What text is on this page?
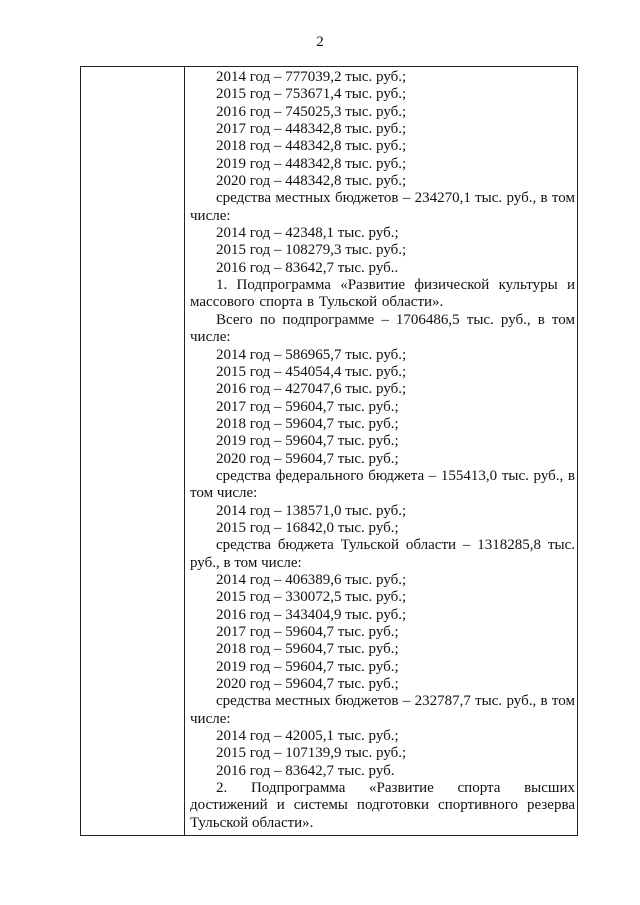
2
2014 год – 777039,2 тыс. руб.;
2015 год – 753671,4 тыс. руб.;
2016 год – 745025,3 тыс. руб.;
2017 год – 448342,8 тыс. руб.;
2018 год – 448342,8 тыс. руб.;
2019 год – 448342,8 тыс. руб.;
2020 год – 448342,8 тыс. руб.;
средства местных бюджетов – 234270,1 тыс. руб., в том числе:
2014 год – 42348,1 тыс. руб.;
2015 год – 108279,3 тыс. руб.;
2016 год – 83642,7 тыс. руб..
1. Подпрограмма «Развитие физической культуры и массового спорта в Тульской области».
Всего по подпрограмме – 1706486,5 тыс. руб., в том числе:
2014 год – 586965,7 тыс. руб.;
2015 год – 454054,4 тыс. руб.;
2016 год – 427047,6 тыс. руб.;
2017 год – 59604,7 тыс. руб.;
2018 год – 59604,7 тыс. руб.;
2019 год – 59604,7 тыс. руб.;
2020 год – 59604,7 тыс. руб.;
средства федерального бюджета – 155413,0 тыс. руб., в том числе:
2014 год – 138571,0 тыс. руб.;
2015 год – 16842,0 тыс. руб.;
средства бюджета Тульской области – 1318285,8 тыс. руб., в том числе:
2014 год – 406389,6 тыс. руб.;
2015 год – 330072,5 тыс. руб.;
2016 год – 343404,9 тыс. руб.;
2017 год – 59604,7 тыс. руб.;
2018 год – 59604,7 тыс. руб.;
2019 год – 59604,7 тыс. руб.;
2020 год – 59604,7 тыс. руб.;
средства местных бюджетов – 232787,7 тыс. руб., в том числе:
2014 год – 42005,1 тыс. руб.;
2015 год – 107139,9 тыс. руб.;
2016 год – 83642,7 тыс. руб.
2. Подпрограмма «Развитие спорта высших достижений и системы подготовки спортивного резерва Тульской области».
